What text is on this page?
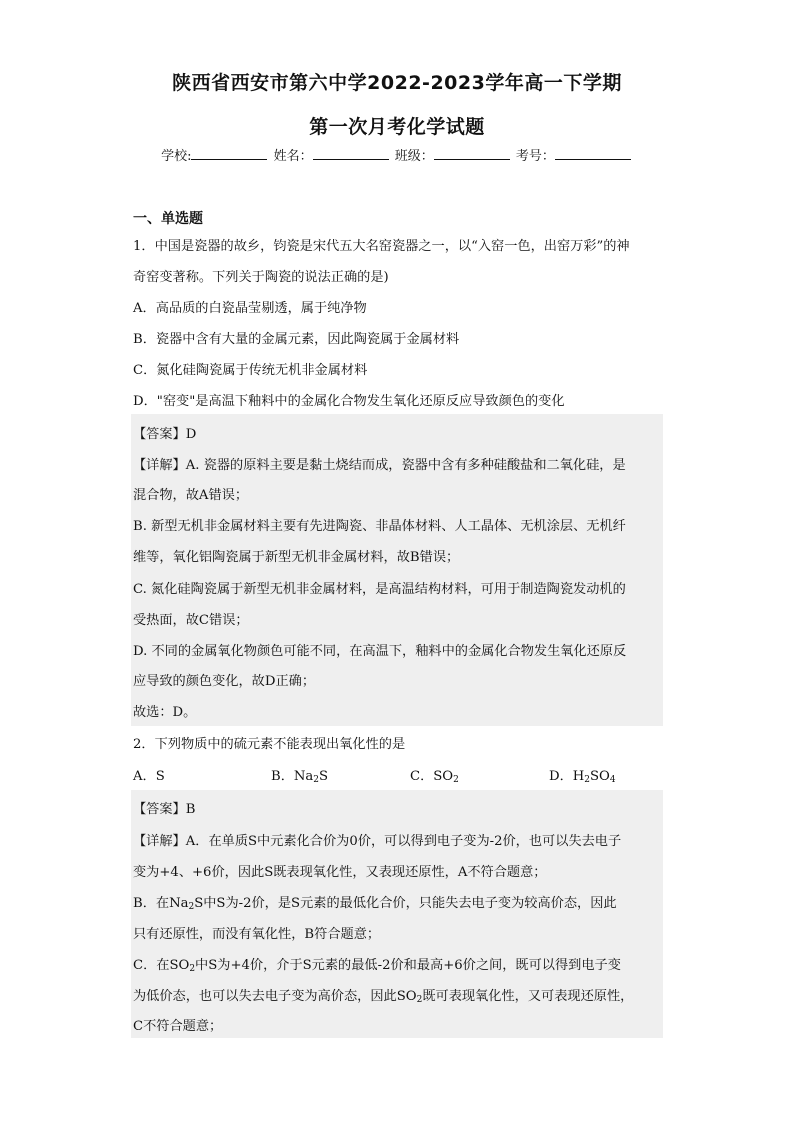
陕西省西安市第六中学2022-2023学年高一下学期
第一次月考化学试题
学校:	姓名：	班级：	考号：
一、单选题
1．中国是瓷器的故乡，钧瓷是宋代五大名窑瓷器之一，以“入窑一色，出窑万彩”的神
奇窑变著称。下列关于陶瓷的说法正确的是)
A．高品质的白瓷晶莹剔透，属于纯净物
B．瓷器中含有大量的金属元素，因此陶瓷属于金属材料
C．氮化硅陶瓷属于传统无机非金属材料
D．"窑变"是高温下釉料中的金属化合物发生氧化还原反应导致颜色的变化
【答案】D
【详解】A. 瓷器的原料主要是黏土烧结而成，瓷器中含有多种硅酸盐和二氧化硅，是
混合物，故A错误；
B. 新型无机非金属材料主要有先进陶瓷、非晶体材料、人工晶体、无机涂层、无机纤
维等，氧化铝陶瓷属于新型无机非金属材料，故B错误；
C. 氮化硅陶瓷属于新型无机非金属材料，是高温结构材料，可用于制造陶瓷发动机的
受热面，故C错误；
D. 不同的金属氧化物颜色可能不同，在高温下，釉料中的金属化合物发生氧化还原反
应导致的颜色变化，故D正确；
故选：D。
2．下列物质中的硫元素不能表现出氧化性的是
A．S	B．$Na_2S$	C．$SO_2$	D．$H_2SO_4$
【答案】B
【详解】A．在单质S中元素化合价为0价，可以得到电子变为-2价，也可以失去电子
变为+4、+6价，因此S既表现氧化性，又表现还原性，A不符合题意；
B．在$Na_2S$中S为-2价，是S元素的最低化合价，只能失去电子变为较高价态，因此
只有还原性，而没有氧化性，B符合题意；
C．在$SO_2$中S为+4价，介于S元素的最低-2价和最高+6价之间，既可以得到电子变
为低价态，也可以失去电子变为高价态，因此$SO_2$既可表现氧化性，又可表现还原性，
C不符合题意；
